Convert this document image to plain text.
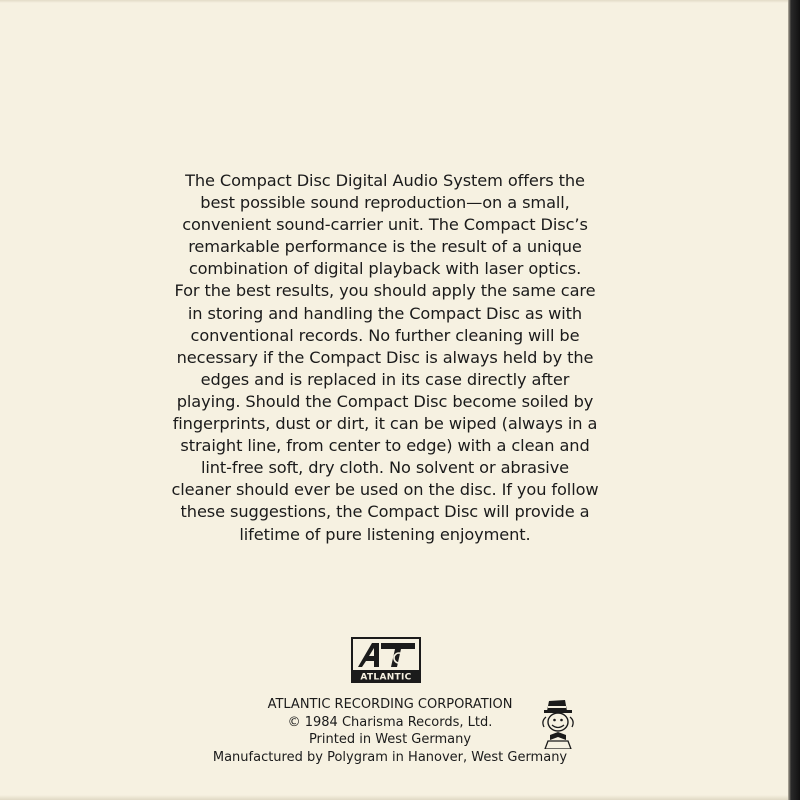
The Compact Disc Digital Audio System offers the
best possible sound reproduction—on a small,
convenient sound-carrier unit. The Compact Disc’s
remarkable performance is the result of a unique
combination of digital playback with laser optics.
For the best results, you should apply the same care
in storing and handling the Compact Disc as with
conventional records. No further cleaning will be
necessary if the Compact Disc is always held by the
edges and is replaced in its case directly after
playing. Should the Compact Disc become soiled by
fingerprints, dust or dirt, it can be wiped (always in a
straight line, from center to edge) with a clean and
lint-free soft, dry cloth. No solvent or abrasive
cleaner should ever be used on the disc. If you follow
these suggestions, the Compact Disc will provide a
lifetime of pure listening enjoyment.

ATLANTIC
ATLANTIC RECORDING CORPORATION
© 1984 Charisma Records, Ltd.
Printed in West Germany
Manufactured by Polygram in Hanover, West Germany
